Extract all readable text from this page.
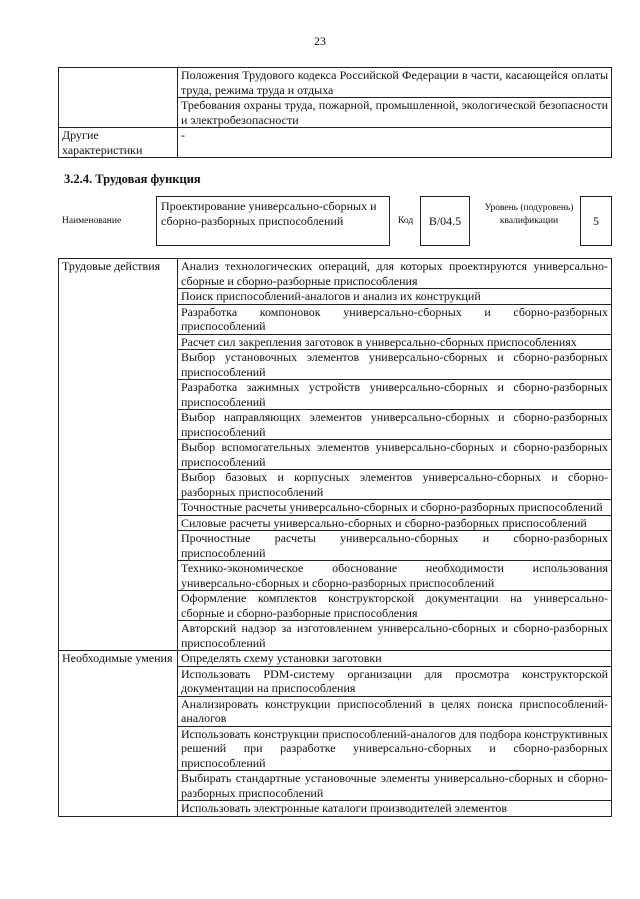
23
	Положения Трудового кодекса Российской Федерации в части, касающейся оплаты труда, режима труда и отдыха
	Требования охраны труда, пожарной, промышленной, экологической безопасности и электробезопасности
Другие характеристики	-
3.2.4. Трудовая функция
Наименование
Проектирование универсально-сборных и сборно-разборных приспособлений	Код	B/04.5
Уровень (подуровень) квалификации	5
Трудовые действия	Анализ технологических операций, для которых проектируются универсально-сборные и сборно-разборные приспособления
	Поиск приспособлений-аналогов и анализ их конструкций
	Разработка компоновок универсально-сборных и сборно-разборных приспособлений
	Расчет сил закрепления заготовок в универсально-сборных приспособлениях
	Выбор установочных элементов универсально-сборных и сборно-разборных приспособлений
	Разработка зажимных устройств универсально-сборных и сборно-разборных приспособлений
	Выбор направляющих элементов универсально-сборных и сборно-разборных приспособлений
	Выбор вспомогательных элементов универсально-сборных и сборно-разборных приспособлений
	Выбор базовых и корпусных элементов универсально-сборных и сборно-разборных приспособлений
	Точностные расчеты универсально-сборных и сборно-разборных приспособлений
	Силовые расчеты универсально-сборных и сборно-разборных приспособлений
	Прочностные расчеты универсально-сборных и сборно-разборных приспособлений
	Технико-экономическое обоснование необходимости использования универсально-сборных и сборно-разборных приспособлений
	Оформление комплектов конструкторской документации на универсально-сборные и сборно-разборные приспособления
	Авторский надзор за изготовлением универсально-сборных и сборно-разборных приспособлений
Необходимые умения	Определять схему установки заготовки
	Использовать PDM-систему организации для просмотра конструкторской документации на приспособления
	Анализировать конструкции приспособлений в целях поиска приспособлений-аналогов
	Использовать конструкции приспособлений-аналогов для подбора конструктивных решений при разработке универсально-сборных и сборно-разборных приспособлений
	Выбирать стандартные установочные элементы универсально-сборных и сборно-разборных приспособлений
	Использовать электронные каталоги производителей элементов
